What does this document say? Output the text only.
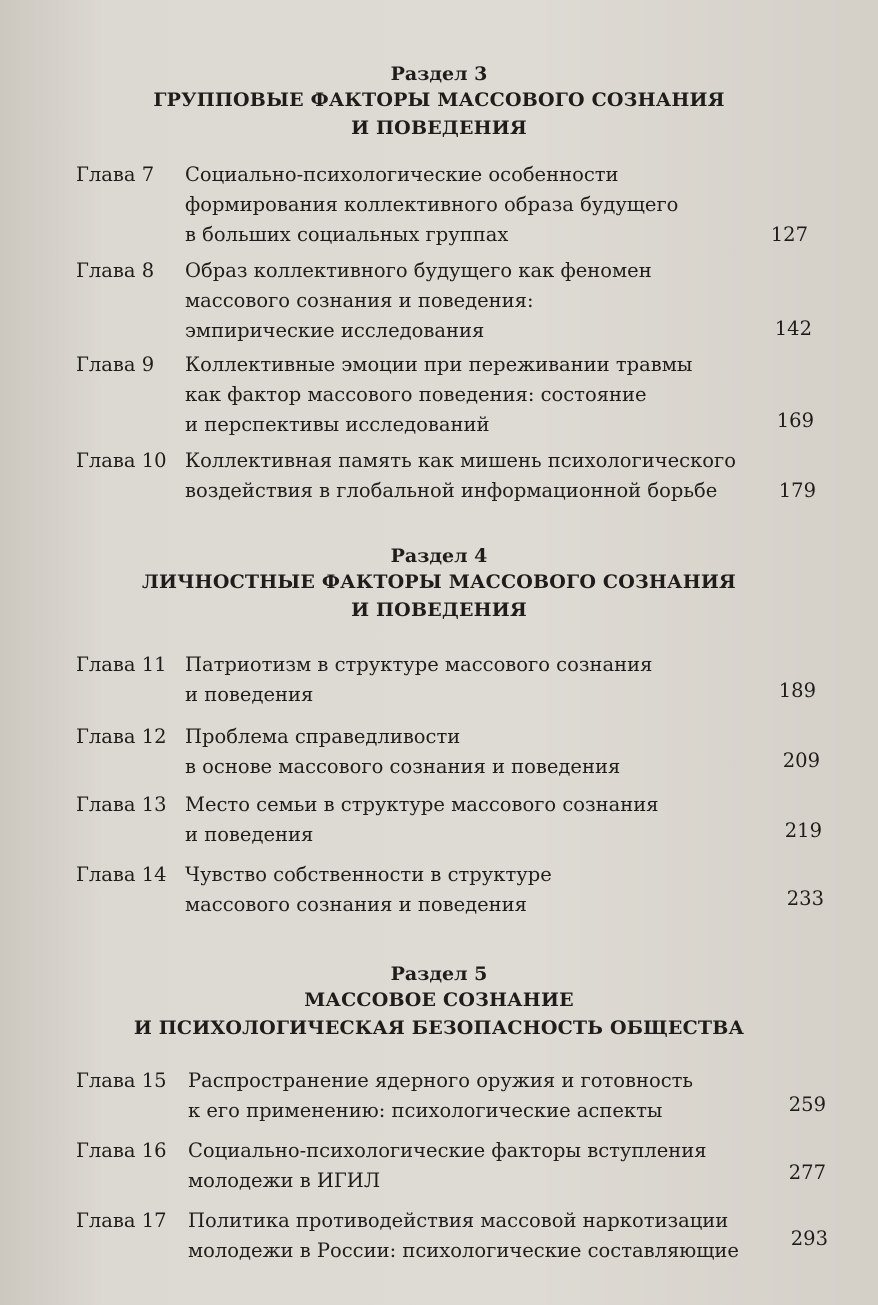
Раздел 3
ГРУППОВЫЕ ФАКТОРЫ МАССОВОГО СОЗНАНИЯ
И ПОВЕДЕНИЯ
Глава 7 Социально-психологические особенности
формирования коллективного образа будущего
в больших социальных группах	127
Глава 8 Образ коллективного будущего как феномен
массового сознания и поведения:
эмпирические исследования	142
Глава 9 Коллективные эмоции при переживании травмы
как фактор массового поведения: состояние
и перспективы исследований	169
Глава 10 Коллективная память как мишень психологического
воздействия в глобальной информационной борьбе	179
Раздел 4
ЛИЧНОСТНЫЕ ФАКТОРЫ МАССОВОГО СОЗНАНИЯ
И ПОВЕДЕНИЯ
Глава 11 Патриотизм в структуре массового сознания
и поведения	189
Глава 12 Проблема справедливости
в основе массового сознания и поведения	209
Глава 13 Место семьи в структуре массового сознания
и поведения	219
Глава 14 Чувство собственности в структуре
массового сознания и поведения	233
Раздел 5
МАССОВОЕ СОЗНАНИЕ
И ПСИХОЛОГИЧЕСКАЯ БЕЗОПАСНОСТЬ ОБЩЕСТВА
Глава 15 Распространение ядерного оружия и готовность
к его применению: психологические аспекты	259
Глава 16 Социально-психологические факторы вступления
молодежи в ИГИЛ	277
Глава 17 Политика противодействия массовой наркотизации
молодежи в России: психологические составляющие
293
